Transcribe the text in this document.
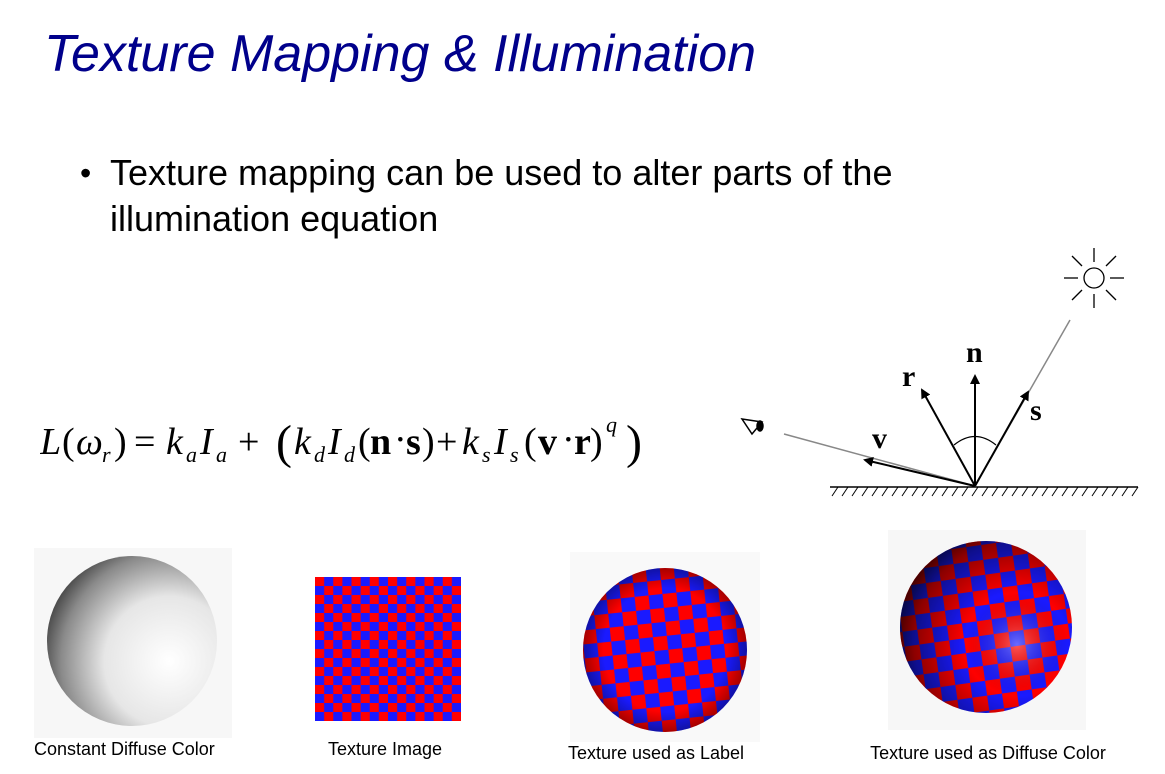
Texture Mapping & Illumination
• Texture mapping can be used to alter parts of the illumination equation
L ( ω r ) = k a I a + ( k d I d ( n · s ) + k s I s ( v · r ) q )
n
r
s
v
Constant Diffuse Color	Texture Image	Texture used as Label	Texture used as Diffuse Color
